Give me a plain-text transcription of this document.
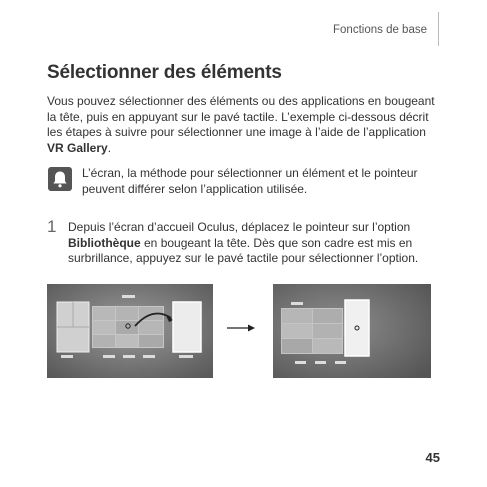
Fonctions de base
Sélectionner des éléments
Vous pouvez sélectionner des éléments ou des applications en bougeant la tête, puis en appuyant sur le pavé tactile. L’exemple ci-dessous décrit les étapes à suivre pour sélectionner une image à l’aide de l’application VR Gallery.
L’écran, la méthode pour sélectionner un élément et le pointeur peuvent différer selon l’application utilisée.
1 Depuis l’écran d’accueil Oculus, déplacez le pointeur sur l’option Bibliothèque en bougeant la tête. Dès que son cadre est mis en surbrillance, appuyez sur le pavé tactile pour sélectionner l’option.
45
